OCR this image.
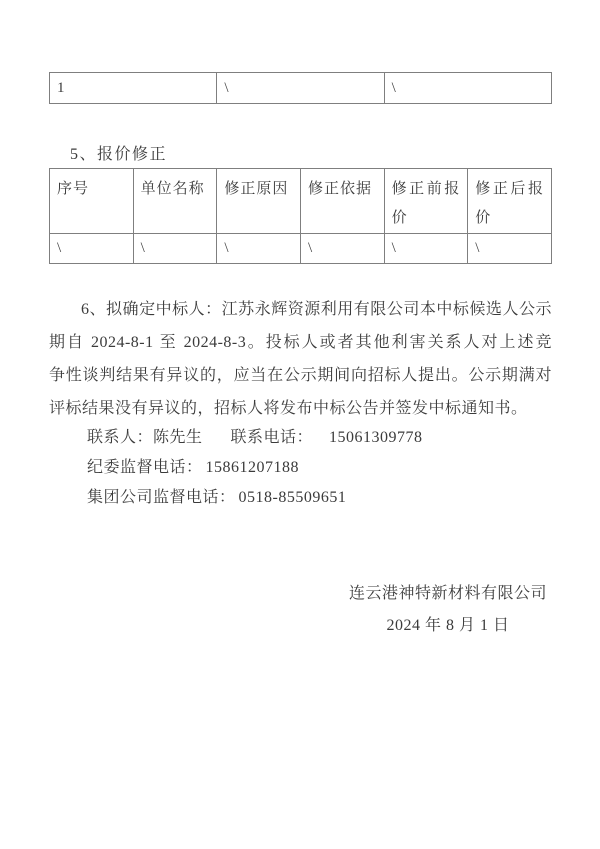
1	\	\
5、报价修正
序号	单位名称	修正原因	修正依据	修正前报价	修正后报价
\	\	\	\	\	\
6、拟确定中标人：江苏永辉资源利用有限公司本中标候选人公示
期自 2024-8-1 至 2024-8-3。投标人或者其他利害关系人对上述竞
争性谈判结果有异议的，应当在公示期间向招标人提出。公示期满对
评标结果没有异议的，招标人将发布中标公告并签发中标通知书。
联系人：陈先生 联系电话： 15061309778
纪委监督电话： 15861207188
集团公司监督电话： 0518-85509651
连云港神特新材料有限公司
2024 年 8 月 1 日
